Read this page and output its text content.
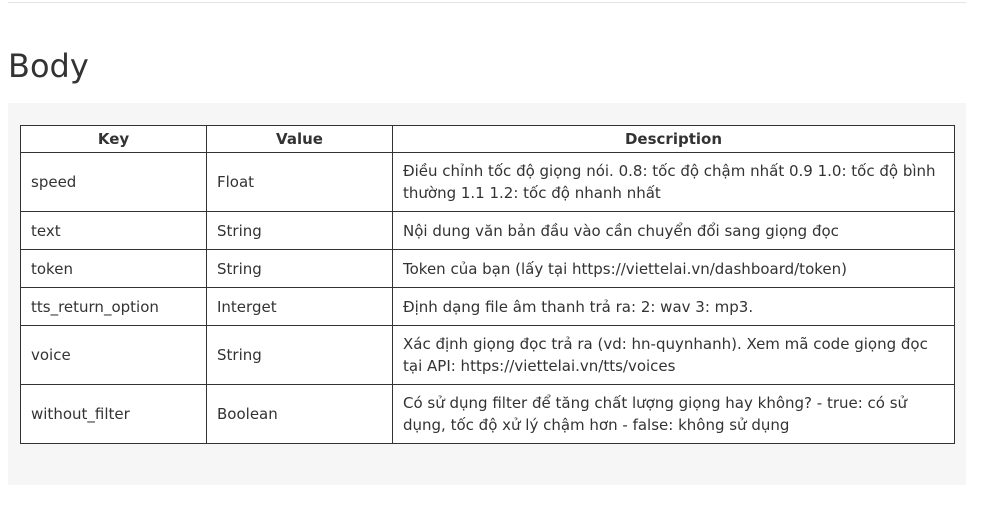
Body
Key	Value	Description
speed	Float	Điều chỉnh tốc độ giọng nói. 0.8: tốc độ chậm nhất 0.9 1.0: tốc độ bình thường 1.1 1.2: tốc độ nhanh nhất
text	String	Nội dung văn bản đầu vào cần chuyển đổi sang giọng đọc
token	String	Token của bạn (lấy tại https://viettelai.vn/dashboard/token)
tts_return_option	Interget	Định dạng file âm thanh trả ra: 2: wav 3: mp3.
voice	String	Xác định giọng đọc trả ra (vd: hn-quynhanh). Xem mã code giọng đọc tại API: https://viettelai.vn/tts/voices
without_filter	Boolean	Có sử dụng filter để tăng chất lượng giọng hay không? - true: có sử dụng, tốc độ xử lý chậm hơn - false: không sử dụng
